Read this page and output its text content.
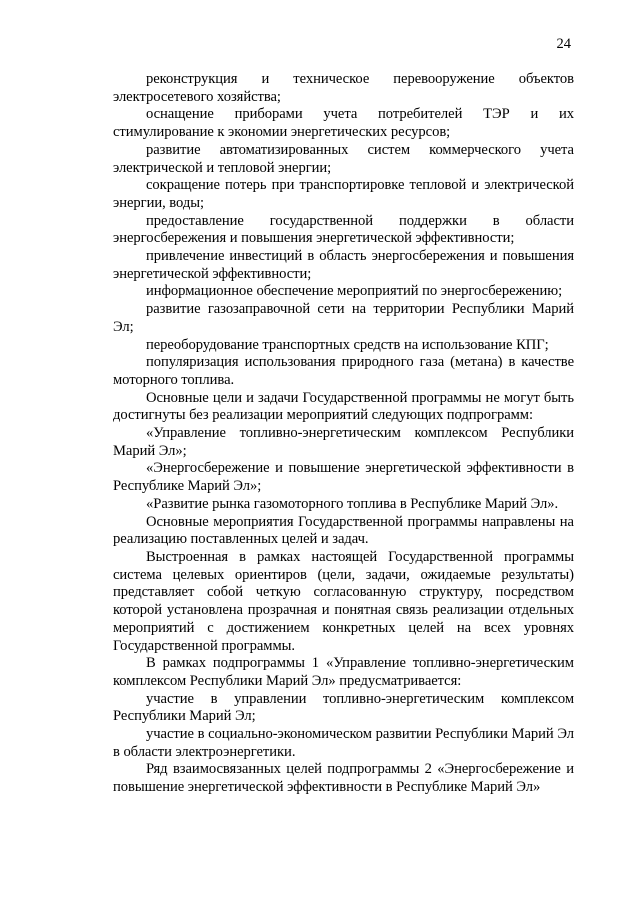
24

реконструкция и техническое перевооружение объектов электросетевого хозяйства;

оснащение приборами учета потребителей ТЭР и их стимулирование к экономии энергетических ресурсов;

развитие автоматизированных систем коммерческого учета электрической и тепловой энергии;

сокращение потерь при транспортировке тепловой и электрической энергии, воды;

предоставление государственной поддержки в области энергосбережения и повышения энергетической эффективности;

привлечение инвестиций в область энергосбережения и повышения энергетической эффективности;

информационное обеспечение мероприятий по энергосбережению;

развитие газозаправочной сети на территории Республики Марий Эл;

переоборудование транспортных средств на использование КПГ;

популяризация использования природного газа (метана) в качестве моторного топлива.

Основные цели и задачи Государственной программы не могут быть достигнуты без реализации мероприятий следующих подпрограмм:

«Управление топливно-энергетическим комплексом Республики Марий Эл»;

«Энергосбережение и повышение энергетической эффективности в Республике Марий Эл»;

«Развитие рынка газомоторного топлива в Республике Марий Эл».

Основные мероприятия Государственной программы направлены на реализацию поставленных целей и задач.

Выстроенная в рамках настоящей Государственной программы система целевых ориентиров (цели, задачи, ожидаемые результаты) представляет собой четкую согласованную структуру, посредством которой установлена прозрачная и понятная связь реализации отдельных мероприятий с достижением конкретных целей на всех уровнях Государственной программы.

В рамках подпрограммы 1 «Управление топливно-энергетическим комплексом Республики Марий Эл» предусматривается:

участие в управлении топливно-энергетическим комплексом Республики Марий Эл;

участие в социально-экономическом развитии Республики Марий Эл в области электроэнергетики.

Ряд взаимосвязанных целей подпрограммы 2 «Энергосбережение и повышение энергетической эффективности в Республике Марий Эл»
